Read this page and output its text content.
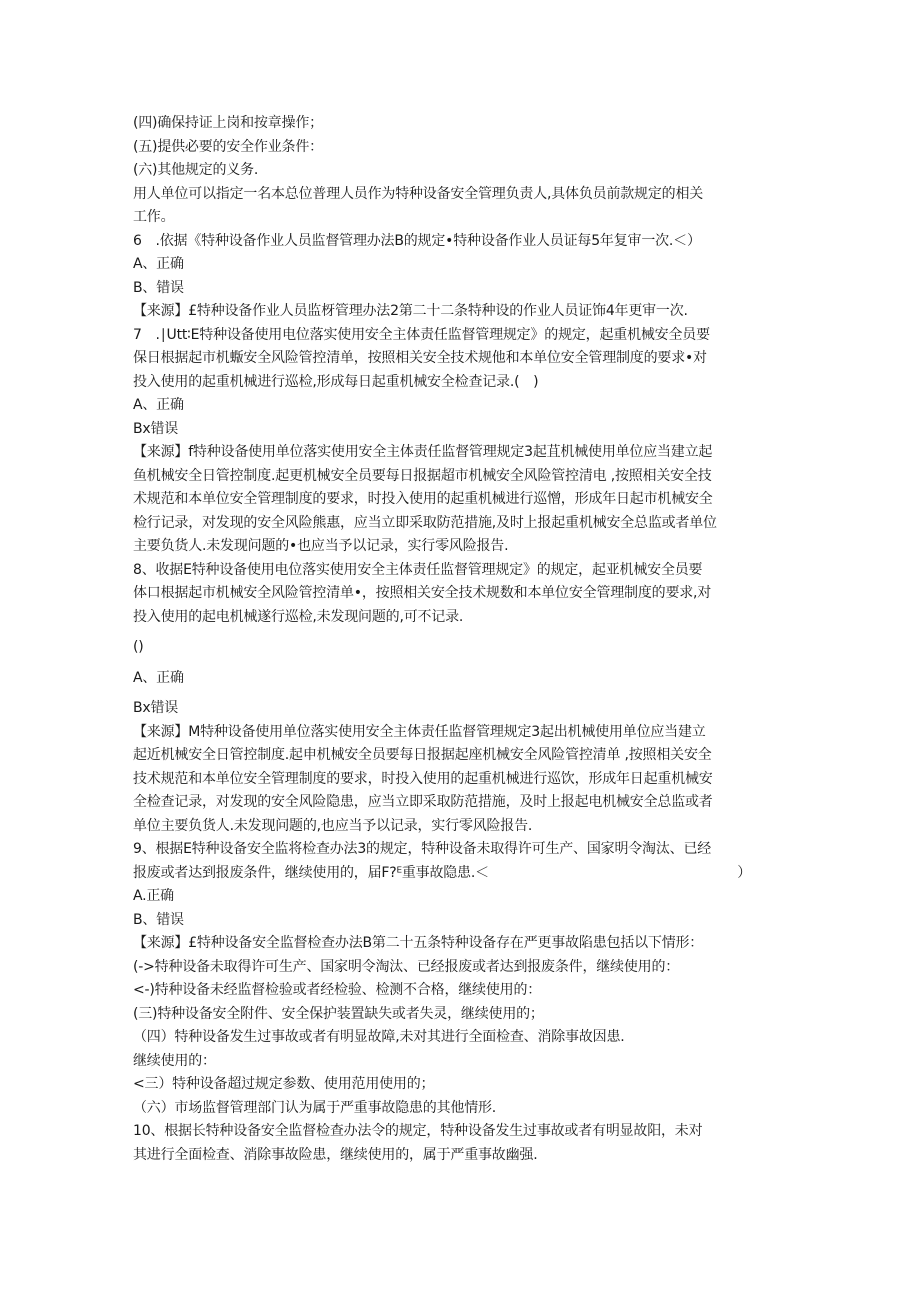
(四)确保持证上岗和按章操作；
(五)提供必要的安全作业条件：
(六)其他规定的义务.
用人单位可以指定一名本总位普理人员作为特种设备安全管理负责人,具体负员前款规定的相关
工作。
6　.依据《特种设备作业人员监督管理办法B的规定•特种设备作业人员证每5年复审一次.＜）
A、正确
B、错误
【来源】£特种设备作业人员监枒管理办法2第二十二条特种设的作业人员证饰4年更审一次.
7　.∣Utt∶E特种设备使用电位落实使用安全主体责任监督管理规定》的规定，起重机械安全员要
保日根据起市机蝂安全风险管控清单，按照相关安全技术规他和本单位安全管理制度的要求•对
投入使用的起重机械进行巡检,形成每日起重机械安全检查记录.(　)
A、正确
Bx错误
【来源】f特种设备使用单位落实使用安全主体责任监督管理规定3起苴机械使用单位应当建立起
鱼机械安全日管控制度.起更机械安全员要每日报据超市机械安全风险管控清电 ,按照相关安全技
术规范和本单位安全管理制度的要求，时投入使用的起重机械进行巡憎，形成年日起市机械安全
检行记录，对发现的安全风险熊惠，应当立即采取防范措施,及时上报起重机械安全总监或者单位
主要负货人.未发现问题的•也应当予以记录，实行零风险报告.
8、收据E特种设备使用电位落实使用安全主体责任监督管理规定》的规定，起亚机械安全员要
体口根据起市机械安全风险管控清单•，按照相关安全技术规数和本单位安全管理制度的要求,对
投入使用的起电机械遂行巡检,未发现问题的,可不记录.
()
A、正确
Bx错误
【来源】M特种设备使用单位落实使用安全主体责任监督管理规定3起出机械使用单位应当建立
起近机械安全日管控制度.起申机械安全员要每日报据起座机械安全风险管控清单 ,按照相关安全
技术规范和本单位安全管理制度的要求，时投入使用的起重机械进行巡饮，形成年日起重机械安
全检查记录，对发现的安全风险隐患，应当立即采取防范措施，及时上报起电机械安全总监或者
单位主要负货人.未发现问题的,也应当予以记录，实行零风险报告.
9、根据E特种设备安全监将检查办法3的规定，特种设备未取得许可生产、国家明令淘汰、已经
报废或者达到报废条件，继续使用的，届F?ᴱ重事故隐患.＜　　　　　　　　　　　　　　　　　　）
A.正确
B、错误
【来源】£特种设备安全监督检查办法B第二十五条特种设备存在严更事故陷患包括以下情形：
(->特种设备未取得许可生产、国家明令淘汰、已经报废或者达到报废条件，继续使用的：
<-)特种设备未经监督检验或者经检验、检测不合格，继续使用的：
(三)特种设备安全附件、安全保护装置缺失或者失灵，继续使用的；
（四）特种设备发生过事故或者有明显故障,未对其进行全面检查、消除事故因患.
继续使用的：
<三）特种设备超过规定参数、使用范用使用的；
（六）市场监督管理部门认为属于严重事故隐患的其他情形.
10、根据长特种设备安全监督检查办法令的规定，特种设备发生过事故或者有明显故阳，未对
其进行全面检查、消除事故险患，继续使用的，属于严重事故幽强.
